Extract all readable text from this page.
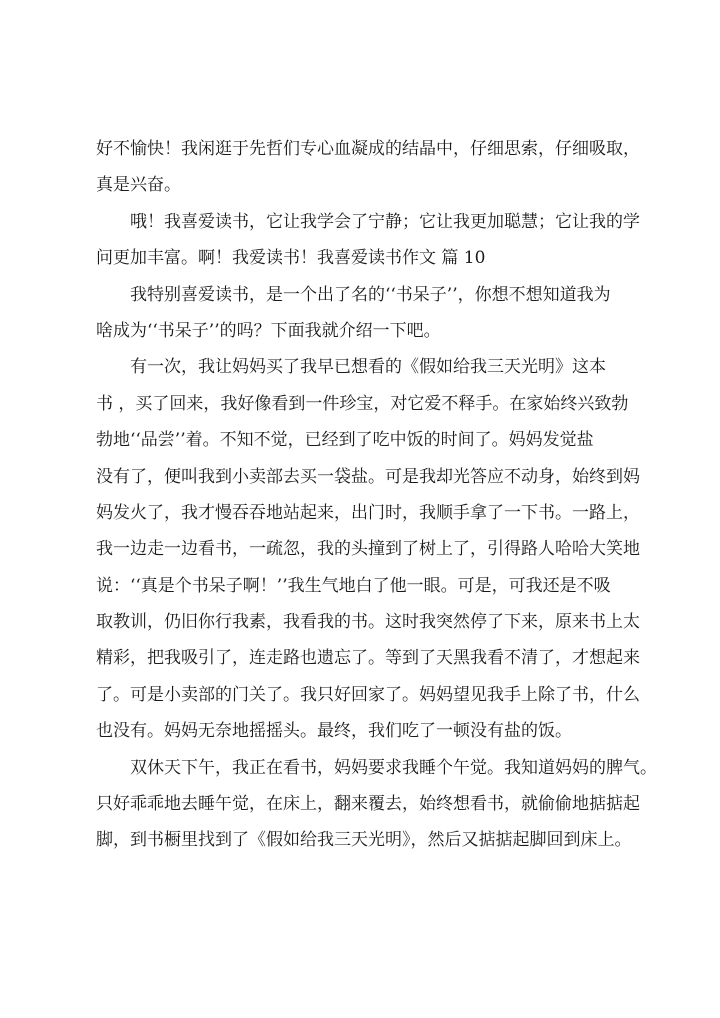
好不愉快！我闲逛于先哲们专心血凝成的结晶中，仔细思索，仔细吸取，
真是兴奋。
　　哦！我喜爱读书，它让我学会了宁静；它让我更加聪慧；它让我的学
问更加丰富。啊！我爱读书！我喜爱读书作文 篇 10
　　我特别喜爱读书，是一个出了名的‘‘书呆子’’，你想不想知道我为
啥成为‘‘书呆子’’的吗？下面我就介绍一下吧。
　　有一次，我让妈妈买了我早已想看的《假如给我三天光明》这本
书 ，买了回来，我好像看到一件珍宝，对它爱不释手。在家始终兴致勃
勃地‘‘品尝’’着。不知不觉，已经到了吃中饭的时间了。妈妈发觉盐
没有了，便叫我到小卖部去买一袋盐。可是我却光答应不动身，始终到妈
妈发火了，我才慢吞吞地站起来，出门时，我顺手拿了一下书。一路上，
我一边走一边看书，一疏忽，我的头撞到了树上了，引得路人哈哈大笑地
说：‘‘真是个书呆子啊！’’我生气地白了他一眼。可是，可我还是不吸
取教训，仍旧你行我素，我看我的书。这时我突然停了下来，原来书上太
精彩，把我吸引了，连走路也遗忘了。等到了天黑我看不清了，才想起来
了。可是小卖部的门关了。我只好回家了。妈妈望见我手上除了书，什么
也没有。妈妈无奈地摇摇头。最终，我们吃了一顿没有盐的饭。
　　双休天下午，我正在看书，妈妈要求我睡个午觉。我知道妈妈的脾气。
只好乖乖地去睡午觉，在床上，翻来覆去，始终想看书，就偷偷地掂掂起
脚，到书橱里找到了《假如给我三天光明》，然后又掂掂起脚回到床上。
